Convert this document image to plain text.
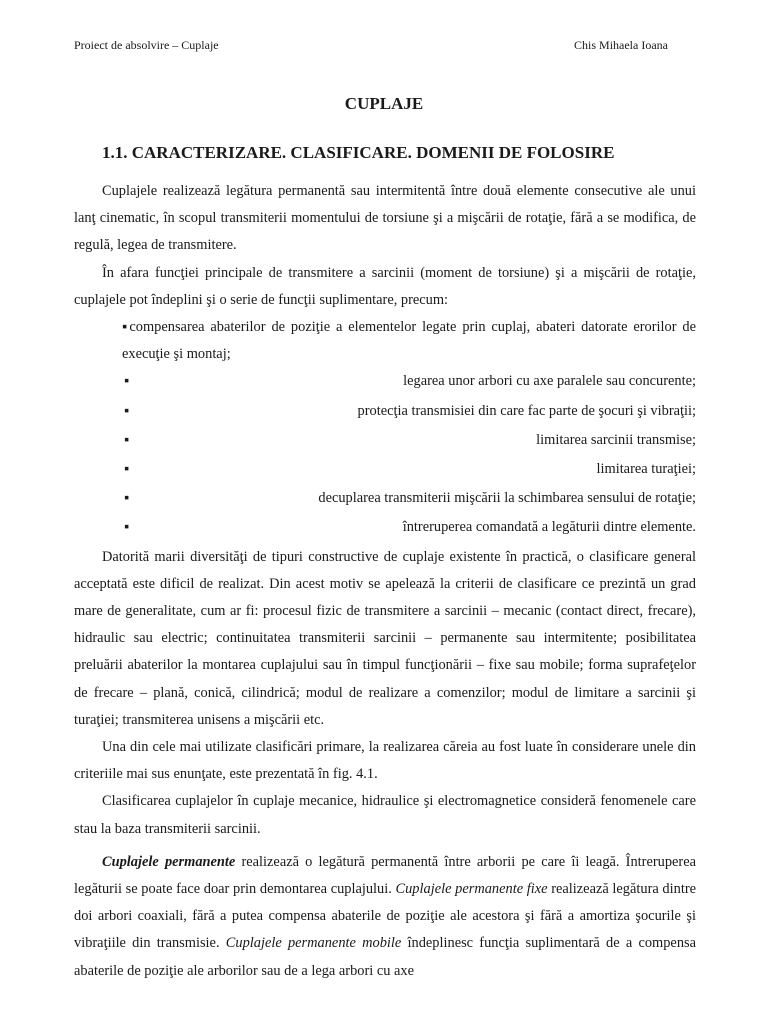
Proiect de absolvire – Cuplaje	Chis Mihaela Ioana
CUPLAJE
1.1. CARACTERIZARE. CLASIFICARE. DOMENII DE FOLOSIRE

Cuplajele realizează legătura permanentă sau intermitentă între două elemente consecutive ale unui lanţ cinematic, în scopul transmiterii momentului de torsiune şi a mişcării de rotaţie, fără a se modifica, de regulă, legea de transmitere.

În afara funcţiei principale de transmitere a sarcinii (moment de torsiune) şi a mişcării de rotaţie, cuplajele pot îndeplini şi o serie de funcţii suplimentare, precum:

▪compensarea abaterilor de poziţie a elementelor legate prin cuplaj, abateri datorate erorilor de execuţie şi montaj;
▪	legarea unor arbori cu axe paralele sau concurente;
▪	protecţia transmisiei din care fac parte de şocuri şi vibraţii;
▪	limitarea sarcinii transmise;
▪	limitarea turaţiei;
▪	decuplarea transmiterii mişcării la schimbarea sensului de rotaţie;
▪	întreruperea comandată a legăturii dintre elemente.

Datorită marii diversităţi de tipuri constructive de cuplaje existente în practică, o clasificare general acceptată este dificil de realizat. Din acest motiv se apelează la criterii de clasificare ce prezintă un grad mare de generalitate, cum ar fi: procesul fizic de transmitere a sarcinii – mecanic (contact direct, frecare), hidraulic sau electric; continuitatea transmiterii sarcinii – permanente sau intermitente; posibilitatea preluării abaterilor la montarea cuplajului sau în timpul funcţionării – fixe sau mobile; forma suprafeţelor de frecare – plană, conică, cilindrică; modul de realizare a comenzilor; modul de limitare a sarcinii şi turaţiei; transmiterea unisens a mişcării etc.

Una din cele mai utilizate clasificări primare, la realizarea căreia au fost luate în considerare unele din criteriile mai sus enunţate, este prezentată în fig. 4.1.

Clasificarea cuplajelor în cuplaje mecanice, hidraulice şi electromagnetice consideră fenomenele care stau la baza transmiterii sarcinii.

Cuplajele permanente realizează o legătură permanentă între arborii pe care îi leagă. Întreruperea legăturii se poate face doar prin demontarea cuplajului. Cuplajele permanente fixe realizează legătura dintre doi arbori coaxiali, fără a putea compensa abaterile de poziţie ale acestora şi fără a amortiza şocurile şi vibraţiile din transmisie. Cuplajele permanente mobile îndeplinesc funcţia suplimentară de a compensa abaterile de poziţie ale arborilor sau de a lega arbori cu axe
